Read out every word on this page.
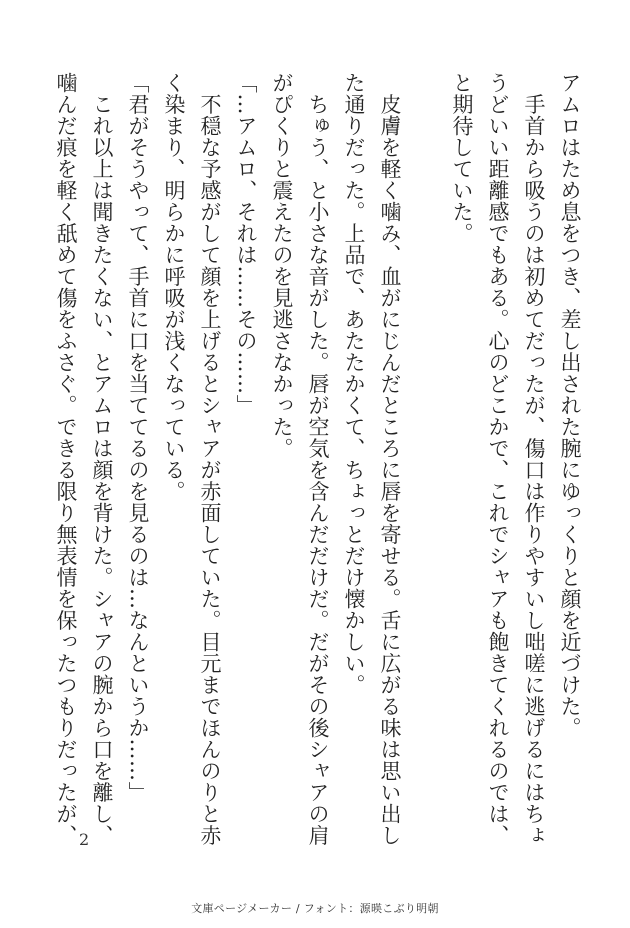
アムロはため息をつき、差し出された腕にゆっくりと顔を近づけた。

　手首から吸うのは初めてだったが、傷口は作りやすいし咄嗟に逃げるにはちょ

うどいい距離感でもある。心のどこかで、これでシャアも飽きてくれるのでは、

と期待していた。

　皮膚を軽く噛み、血がにじんだところに唇を寄せる。舌に広がる味は思い出し

た通りだった。上品で、あたたかくて、ちょっとだけ懐かしい。

　ちゅう、と小さな音がした。唇が空気を含んだだけだ。だがその後シャアの肩

がぴくりと震えたのを見逃さなかった。

「…アムロ、それは……その……」

　不穏な予感がして顔を上げるとシャアが赤面していた。目元までほんのりと赤

く染まり、明らかに呼吸が浅くなっている。

「君がそうやって、手首に口を当ててるのを見るのは…なんというか……」

　これ以上は聞きたくない、とアムロは顔を背けた。シャアの腕から口を離し、

噛んだ痕を軽く舐めて傷をふさぐ。できる限り無表情を保ったつもりだったが、 2
文庫ページメーカー / フォント：源暎こぶり明朝
